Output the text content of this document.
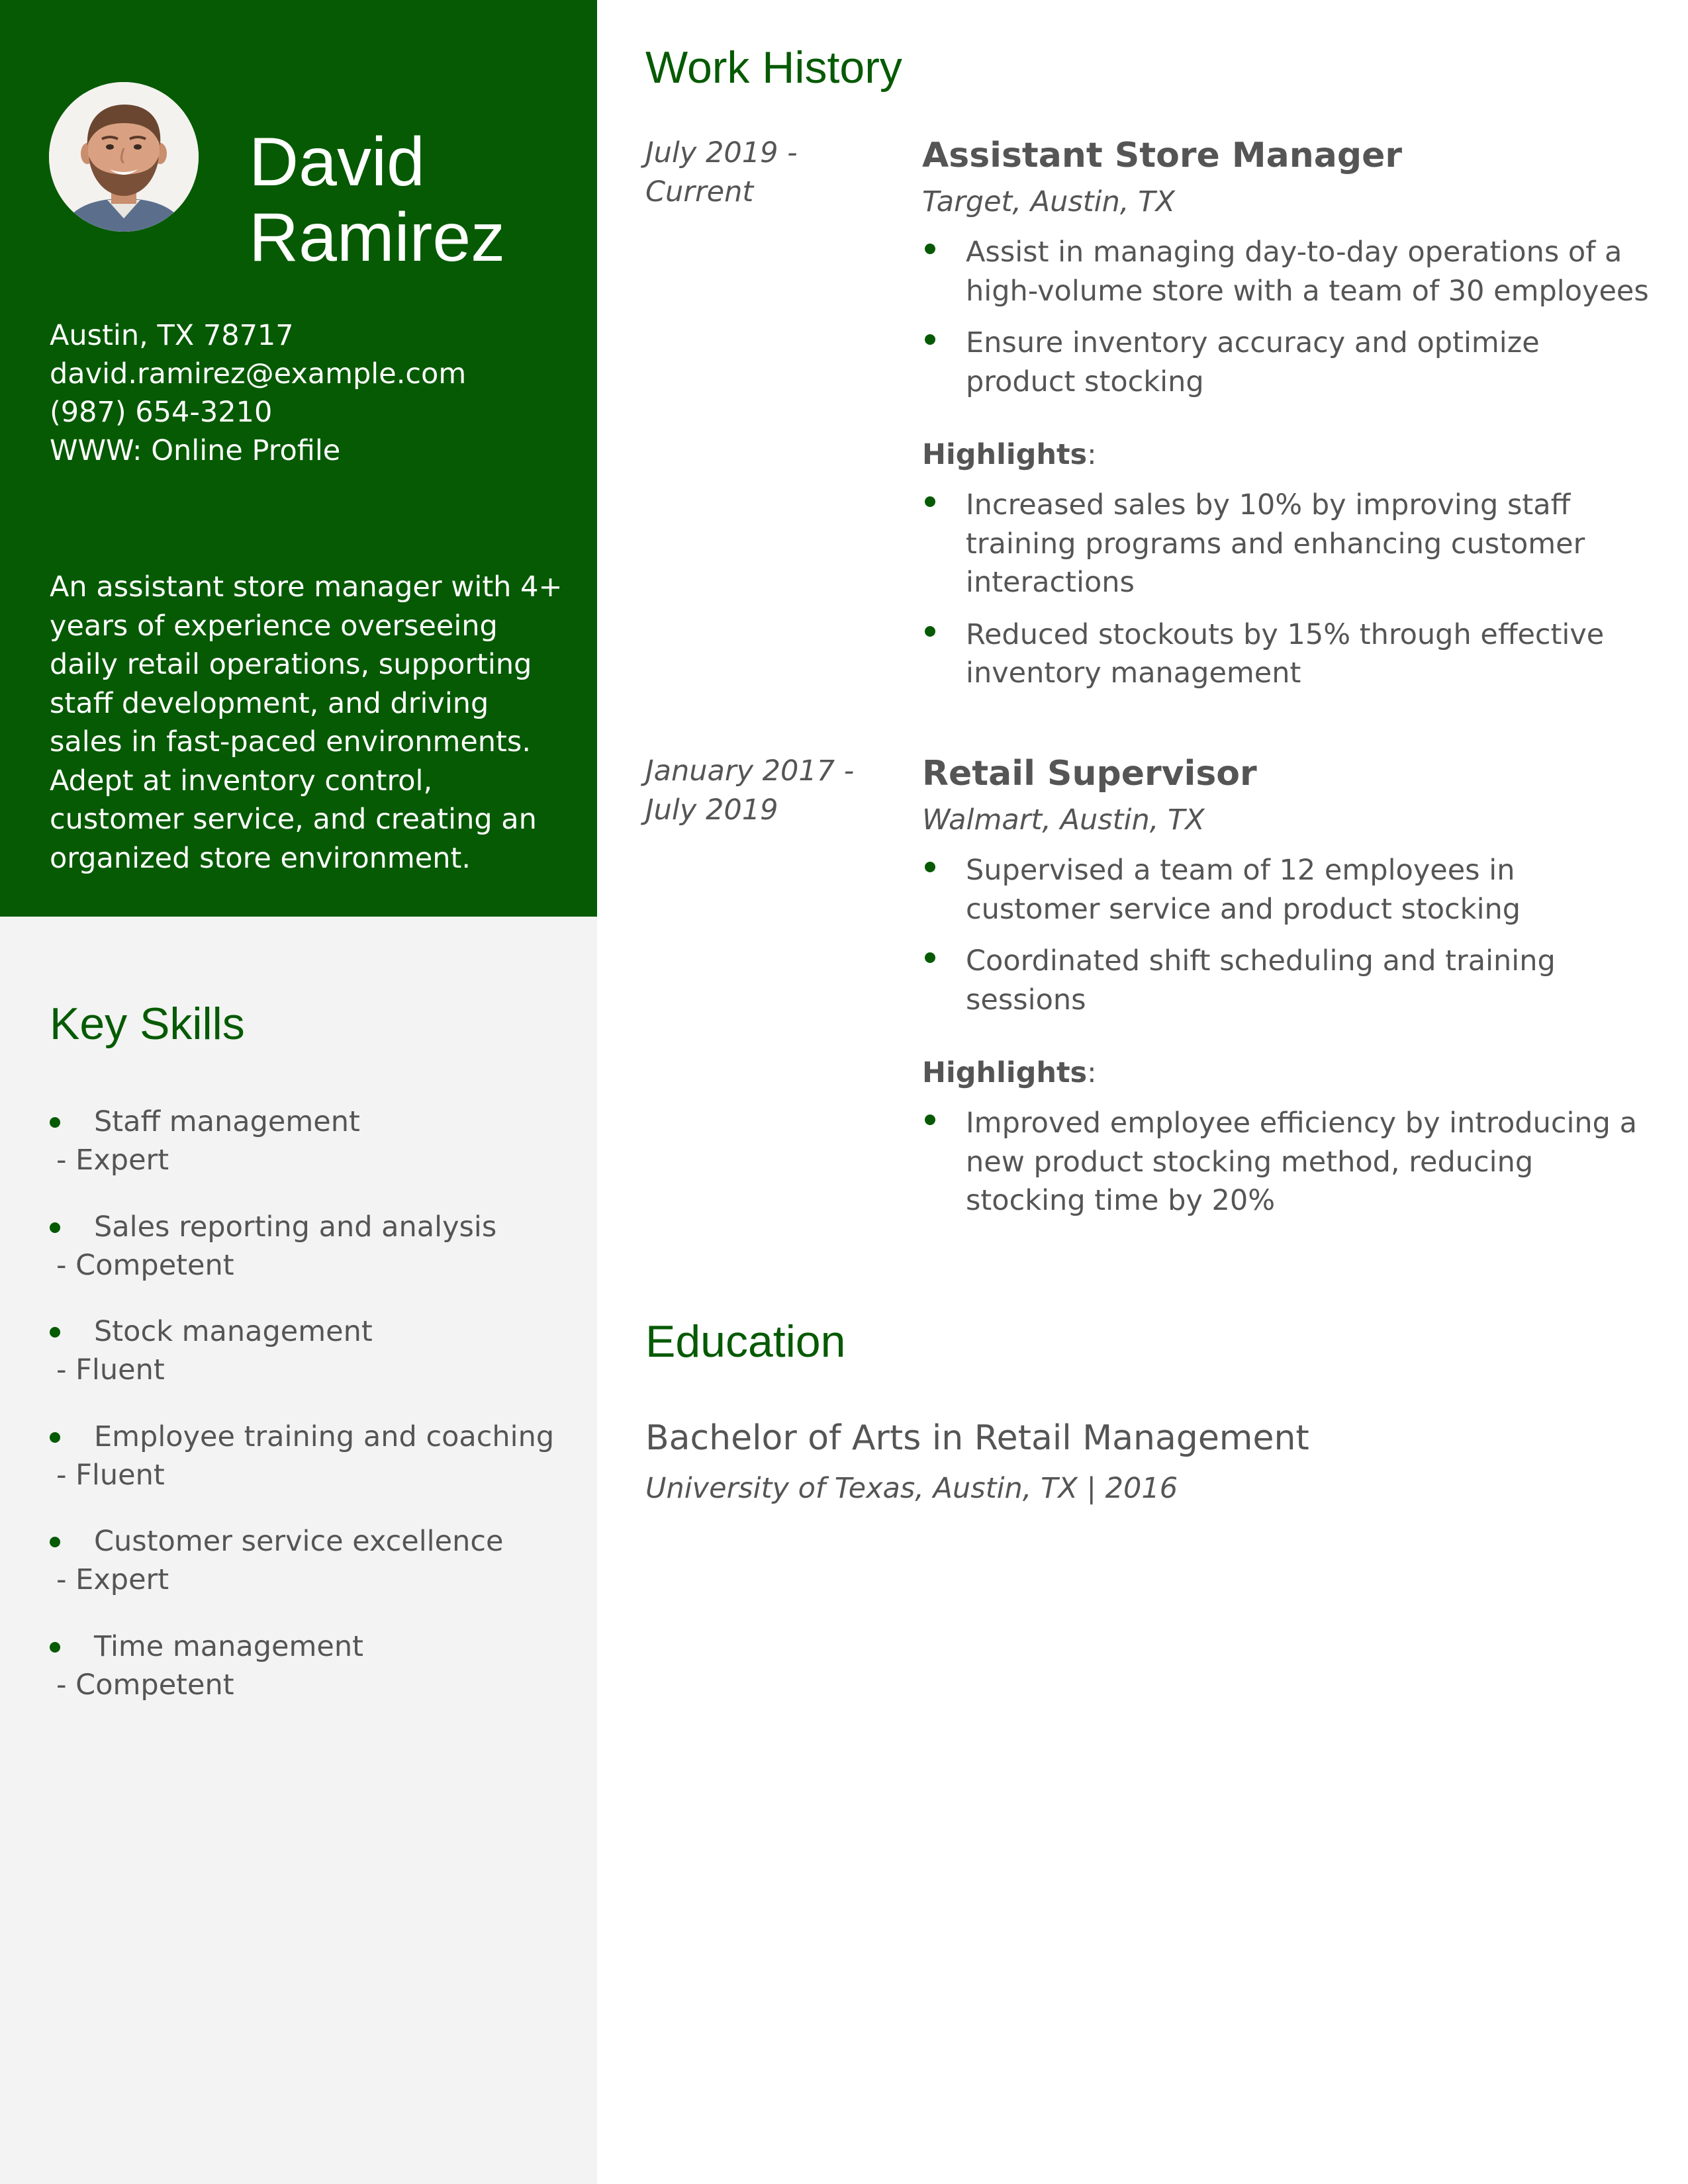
David
Ramirez
Austin, TX 78717
david.ramirez@example.com
(987) 654-3210
WWW: Online Profile
An assistant store manager with 4+ years of experience overseeing daily retail operations, supporting staff development, and driving sales in fast-paced environments. Adept at inventory control, customer service, and creating an organized store environment.
Key Skills
Staff management
- Expert
Sales reporting and analysis
- Competent
Stock management
- Fluent
Employee training and coaching
- Fluent
Customer service excellence
- Expert
Time management
- Competent
Work History
July 2019 - Current
Assistant Store Manager
Target, Austin, TX
Assist in managing day-to-day operations of a high-volume store with a team of 30 employees
Ensure inventory accuracy and optimize product stocking
Highlights:
Increased sales by 10% by improving staff training programs and enhancing customer interactions
Reduced stockouts by 15% through effective inventory management
January 2017 - July 2019
Retail Supervisor
Walmart, Austin, TX
Supervised a team of 12 employees in customer service and product stocking
Coordinated shift scheduling and training sessions
Highlights:
Improved employee efficiency by introducing a new product stocking method, reducing stocking time by 20%
Education
Bachelor of Arts in Retail Management
University of Texas, Austin, TX | 2016
